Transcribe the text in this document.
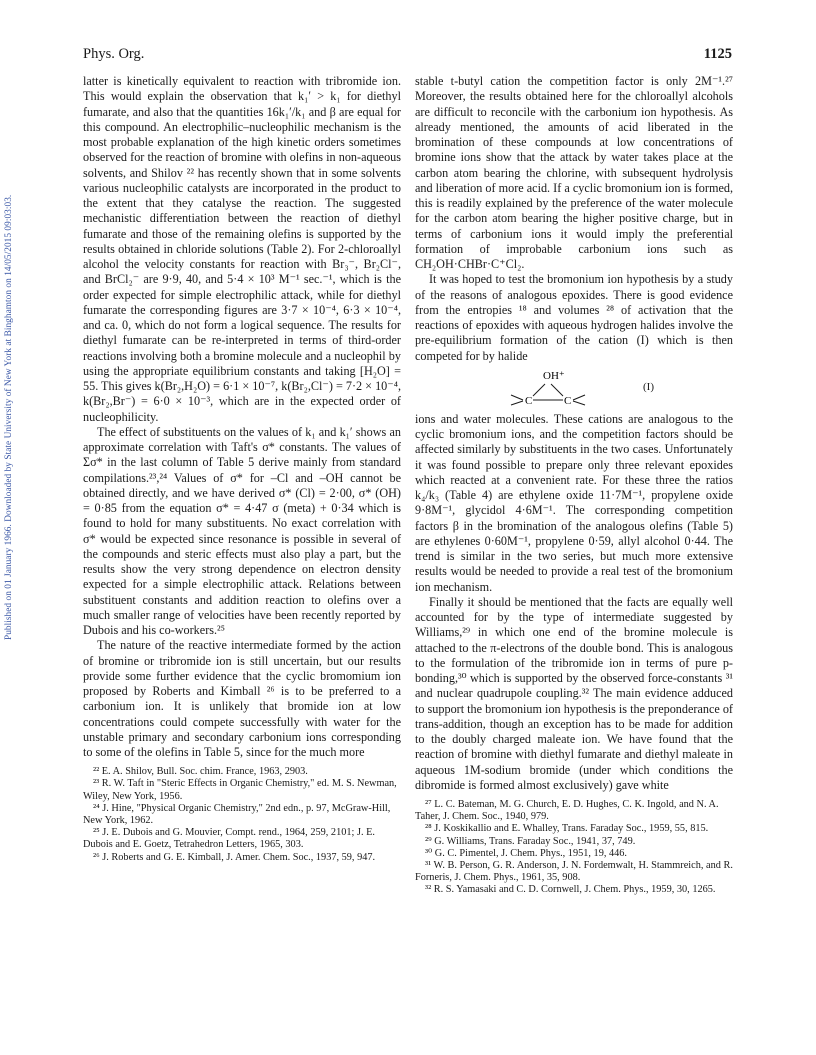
Published on 01 January 1966. Downloaded by State University of New York at Binghamton on 14/05/2015 09:03:03.
Phys. Org.	1125

latter is kinetically equivalent to reaction with tribromide ion. This would explain the observation that k₁′ > k₁ for diethyl fumarate, and also that the quantities 16k₁′/k₁ and β are equal for this compound. An electrophilic–nucleophilic mechanism is the most probable explanation of the high kinetic orders sometimes observed for the reaction of bromine with olefins in non-aqueous solvents, and Shilov ²² has recently shown that in some solvents various nucleophilic catalysts are incorporated in the product to the extent that they catalyse the reaction. The suggested mechanistic differentiation between the reaction of diethyl fumarate and those of the remaining olefins is supported by the results obtained in chloride solutions (Table 2). For 2-chloroallyl alcohol the velocity constants for reaction with Br₃⁻, Br₂Cl⁻, and BrCl₂⁻ are 9·9, 40, and 5·4 × 10³ M⁻¹ sec.⁻¹, which is the order expected for simple electrophilic attack, while for diethyl fumarate the corresponding figures are 3·7 × 10⁻⁴, 6·3 × 10⁻⁴, and ca. 0, which do not form a logical sequence. The results for diethyl fumarate can be re-interpreted in terms of third-order reactions involving both a bromine molecule and a nucleophil by using the appropriate equilibrium constants and taking [H₂O] = 55. This gives k(Br₂,H₂O) = 6·1 × 10⁻⁷, k(Br₂,Cl⁻) = 7·2 × 10⁻⁴, k(Br₂,Br⁻) = 6·0 × 10⁻³, which are in the expected order of nucleophilicity.

The effect of substituents on the values of k₁ and k₁′ shows an approximate correlation with Taft's σ* constants. The values of Σσ* in the last column of Table 5 derive mainly from standard compilations.²³,²⁴ Values of σ* for –Cl and –OH cannot be obtained directly, and we have derived σ* (Cl) = 2·00, σ* (OH) = 0·85 from the equation σ* = 4·47 σ (meta) + 0·34 which is found to hold for many substituents. No exact correlation with σ* would be expected since resonance is possible in several of the compounds and steric effects must also play a part, but the results show the very strong dependence on electron density expected for a simple electrophilic attack. Relations between substituent constants and addition reaction to olefins over a much smaller range of velocities have been recently reported by Dubois and his co-workers.²⁵

The nature of the reactive intermediate formed by the action of bromine or tribromide ion is still uncertain, but our results provide some further evidence that the cyclic bromomium ion proposed by Roberts and Kimball ²⁶ is to be preferred to a carbonium ion. It is unlikely that bromide ion at low concentrations could compete successfully with water for the unstable primary and secondary carbonium ions corresponding to some of the olefins in Table 5, since for the much more

²² E. A. Shilov, Bull. Soc. chim. France, 1963, 2903.

²³ R. W. Taft in "Steric Effects in Organic Chemistry," ed. M. S. Newman, Wiley, New York, 1956.

²⁴ J. Hine, "Physical Organic Chemistry," 2nd edn., p. 97, McGraw-Hill, New York, 1962.

²⁵ J. E. Dubois and G. Mouvier, Compt. rend., 1964, 259, 2101; J. E. Dubois and E. Goetz, Tetrahedron Letters, 1965, 303.

²⁶ J. Roberts and G. E. Kimball, J. Amer. Chem. Soc., 1937, 59, 947.

stable t-butyl cation the competition factor is only 2M⁻¹.²⁷ Moreover, the results obtained here for the chloroallyl alcohols are difficult to reconcile with the carbonium ion hypothesis. As already mentioned, the amounts of acid liberated in the bromination of these compounds at low concentrations of bromine ions show that the attack by water takes place at the carbon atom bearing the chlorine, with subsequent hydrolysis and liberation of more acid. If a cyclic bromonium ion is formed, this is readily explained by the preference of the water molecule for the carbon atom bearing the higher positive charge, but in terms of carbonium ions it would imply the preferential formation of improbable carbonium ions such as CH₂OH·CHBr·C⁺Cl₂.

It was hoped to test the bromonium ion hypothesis by a study of the reasons of analogous epoxides. There is good evidence from the entropies ¹⁸ and volumes ²⁸ of activation that the reactions of epoxides with aqueous hydrogen halides involve the pre-equilibrium formation of the cation (I) which is then competed for by halide

OH⁺
C	C
(I)

ions and water molecules. These cations are analogous to the cyclic bromonium ions, and the competition factors should be affected similarly by substituents in the two cases. Unfortunately it was found possible to prepare only three relevant epoxides which reacted at a convenient rate. For these three the ratios k₄/k₃ (Table 4) are ethylene oxide 11·7M⁻¹, propylene oxide 9·8M⁻¹, glycidol 4·6M⁻¹. The corresponding competition factors β in the bromination of the analogous olefins (Table 5) are ethylenes 0·60M⁻¹, propylene 0·59, allyl alcohol 0·44. The trend is similar in the two series, but much more extensive results would be needed to provide a real test of the bromonium ion mechanism.

Finally it should be mentioned that the facts are equally well accounted for by the type of intermediate suggested by Williams,²⁹ in which one end of the bromine molecule is attached to the π-electrons of the double bond. This is analogous to the formulation of the tribromide ion in terms of pure p-bonding,³⁰ which is supported by the observed force-constants ³¹ and nuclear quadrupole coupling.³² The main evidence adduced to support the bromonium ion hypothesis is the preponderance of trans-addition, though an exception has to be made for addition to the doubly charged maleate ion. We have found that the reaction of bromine with diethyl fumarate and diethyl maleate in aqueous 1M-sodium bromide (under which conditions the dibromide is formed almost exclusively) gave white

²⁷ L. C. Bateman, M. G. Church, E. D. Hughes, C. K. Ingold, and N. A. Taher, J. Chem. Soc., 1940, 979.

²⁸ J. Koskikallio and E. Whalley, Trans. Faraday Soc., 1959, 55, 815.

²⁹ G. Williams, Trans. Faraday Soc., 1941, 37, 749.

³⁰ G. C. Pimentel, J. Chem. Phys., 1951, 19, 446.

³¹ W. B. Person, G. R. Anderson, J. N. Fordemwalt, H. Stammreich, and R. Forneris, J. Chem. Phys., 1961, 35, 908.

³² R. S. Yamasaki and C. D. Cornwell, J. Chem. Phys., 1959, 30, 1265.
